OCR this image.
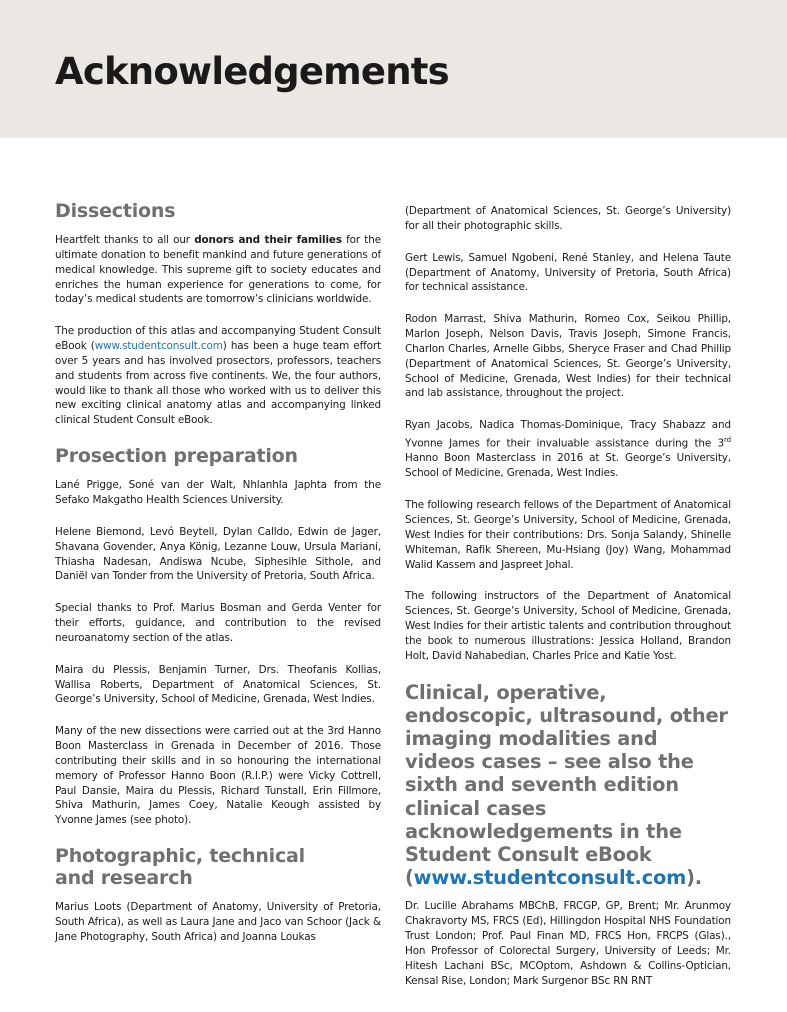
Acknowledgements
Dissections

Heartfelt thanks to all our donors and their families for the ultimate donation to benefit mankind and future generations of medical knowledge. This supreme gift to society educates and enriches the human experience for generations to come, for today’s medical students are tomorrow’s clinicians worldwide.

The production of this atlas and accompanying Student Consult eBook (www.studentconsult.com) has been a huge team effort over 5 years and has involved prosectors, professors, teachers and students from across five continents. We, the four authors, would like to thank all those who worked with us to deliver this new exciting clinical anatomy atlas and accompanying linked clinical Student Consult eBook.

Prosection preparation

Lané Prigge, Soné van der Walt, Nhlanhla Japhta from the Sefako Makgatho Health Sciences University.

Helene Biemond, Levó Beytell, Dylan Calldo, Edwin de Jager, Shavana Govender, Anya König, Lezanne Louw, Ursula Mariani, Thiasha Nadesan, Andiswa Ncube, Siphesihle Sithole, and Daniël van Tonder from the University of Pretoria, South Africa.

Special thanks to Prof. Marius Bosman and Gerda Venter for their efforts, guidance, and contribution to the revised neuroanatomy section of the atlas.

Maira du Plessis, Benjamin Turner, Drs. Theofanis Kollias, Wallisa Roberts, Department of Anatomical Sciences, St. George’s University, School of Medicine, Grenada, West Indies.

Many of the new dissections were carried out at the 3rd Hanno Boon Masterclass in Grenada in December of 2016. Those contributing their skills and in so honouring the international memory of Professor Hanno Boon (R.I.P.) were Vicky Cottrell, Paul Dansie, Maira du Plessis, Richard Tunstall, Erin Fillmore, Shiva Mathurin, James Coey, Natalie Keough assisted by Yvonne James (see photo).

Photographic, technical
and research

Marius Loots (Department of Anatomy, University of Pretoria, South Africa), as well as Laura Jane and Jaco van Schoor (Jack & Jane Photography, South Africa) and Joanna Loukas

(Department of Anatomical Sciences, St. George’s University) for all their photographic skills.

Gert Lewis, Samuel Ngobeni, René Stanley, and Helena Taute (Department of Anatomy, University of Pretoria, South Africa) for technical assistance.

Rodon Marrast, Shiva Mathurin, Romeo Cox, Seikou Phillip, Marlon Joseph, Nelson Davis, Travis Joseph, Simone Francis, Charlon Charles, Arnelle Gibbs, Sheryce Fraser and Chad Phillip (Department of Anatomical Sciences, St. George’s University, School of Medicine, Grenada, West Indies) for their technical and lab assistance, throughout the project.

Ryan Jacobs, Nadica Thomas-Dominique, Tracy Shabazz and Yvonne James for their invaluable assistance during the 3rd Hanno Boon Masterclass in 2016 at St. George’s University, School of Medicine, Grenada, West Indies.

The following research fellows of the Department of Anatomical Sciences, St. George’s University, School of Medicine, Grenada, West Indies for their contributions: Drs. Sonja Salandy, Shinelle Whiteman, Rafik Shereen, Mu-Hsiang (Joy) Wang, Mohammad Walid Kassem and Jaspreet Johal.

The following instructors of the Department of Anatomical Sciences, St. George’s University, School of Medicine, Grenada, West Indies for their artistic talents and contribution throughout the book to numerous illustrations: Jessica Holland, Brandon Holt, David Nahabedian, Charles Price and Katie Yost.

Clinical, operative, endoscopic, ultrasound, other imaging modalities and videos cases – see also the sixth and seventh edition clinical cases acknowledgements in the Student Consult eBook (www.studentconsult.com).

Dr. Lucille Abrahams MBChB, FRCGP, GP, Brent; Mr. Arunmoy Chakravorty MS, FRCS (Ed), Hillingdon Hospital NHS Foundation Trust London; Prof. Paul Finan MD, FRCS Hon, FRCPS (Glas)., Hon Professor of Colorectal Surgery, University of Leeds; Mr. Hitesh Lachani BSc, MCOptom, Ashdown & Collins-Optician, Kensal Rise, London; Mark Surgenor BSc RN RNT
